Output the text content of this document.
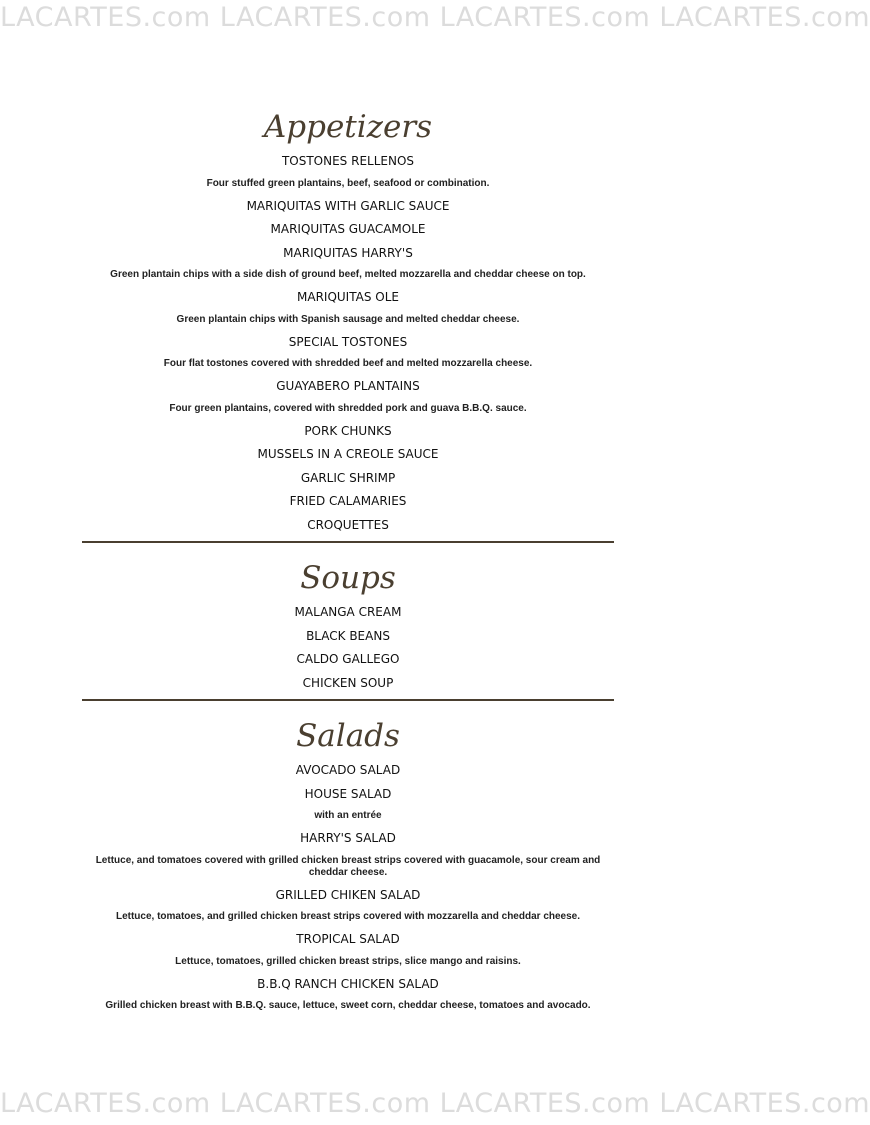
LACARTES.com LACARTES.com LACARTES.com LACARTES.com
Appetizers
TOSTONES RELLENOS
Four stuffed green plantains, beef, seafood or combination.
MARIQUITAS WITH GARLIC SAUCE
MARIQUITAS GUACAMOLE
MARIQUITAS HARRY'S
Green plantain chips with a side dish of ground beef, melted mozzarella and cheddar cheese on top.
MARIQUITAS OLE
Green plantain chips with Spanish sausage and melted cheddar cheese.
SPECIAL TOSTONES
Four flat tostones covered with shredded beef and melted mozzarella cheese.
GUAYABERO PLANTAINS
Four green plantains, covered with shredded pork and guava B.B.Q. sauce.
PORK CHUNKS
MUSSELS IN A CREOLE SAUCE
GARLIC SHRIMP
FRIED CALAMARIES
CROQUETTES
Soups
MALANGA CREAM
BLACK BEANS
CALDO GALLEGO
CHICKEN SOUP
Salads
AVOCADO SALAD
HOUSE SALAD
with an entrée
HARRY'S SALAD
Lettuce, and tomatoes covered with grilled chicken breast strips covered with guacamole, sour cream and cheddar cheese.
GRILLED CHIKEN SALAD
Lettuce, tomatoes, and grilled chicken breast strips covered with mozzarella and cheddar cheese.
TROPICAL SALAD
Lettuce, tomatoes, grilled chicken breast strips, slice mango and raisins.
B.B.Q RANCH CHICKEN SALAD
Grilled chicken breast with B.B.Q. sauce, lettuce, sweet corn, cheddar cheese, tomatoes and avocado.
LACARTES.com LACARTES.com LACARTES.com LACARTES.com
